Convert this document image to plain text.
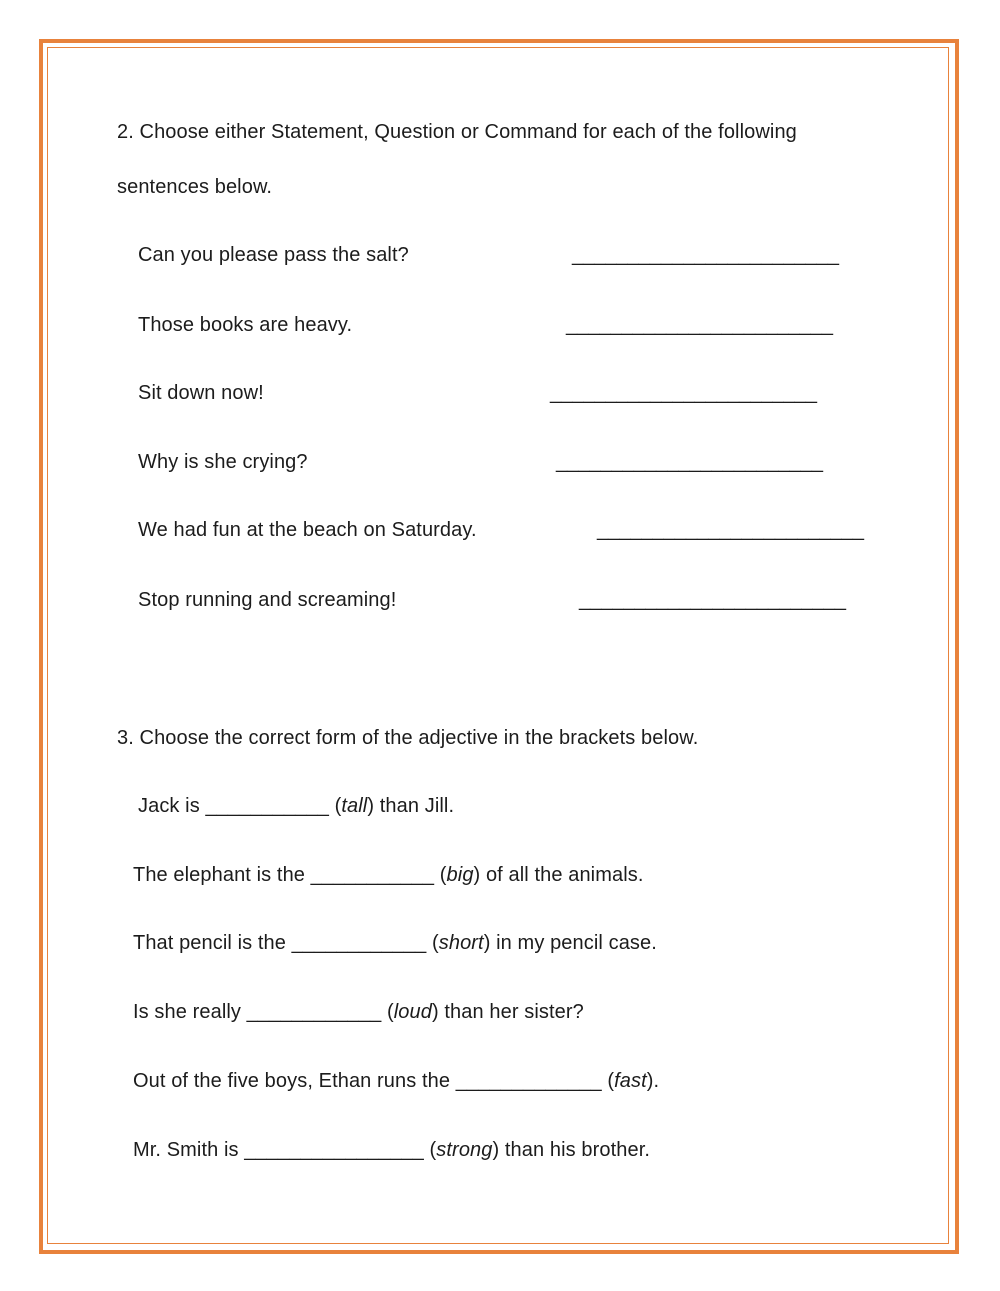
2. Choose either Statement, Question or Command for each of the following
sentences below.
Can you please pass the salt?	________________________
Those books are heavy.	________________________
Sit down now!	________________________
Why is she crying?	________________________
We had fun at the beach on Saturday.	________________________
Stop running and screaming!	________________________
3. Choose the correct form of the adjective in the brackets below.
Jack is ___________ (tall) than Jill.
The elephant is the ___________ (big) of all the animals.
That pencil is the ____________ (short) in my pencil case.
Is she really ____________ (loud) than her sister?
Out of the five boys, Ethan runs the _____________ (fast).
Mr. Smith is ________________ (strong) than his brother.
